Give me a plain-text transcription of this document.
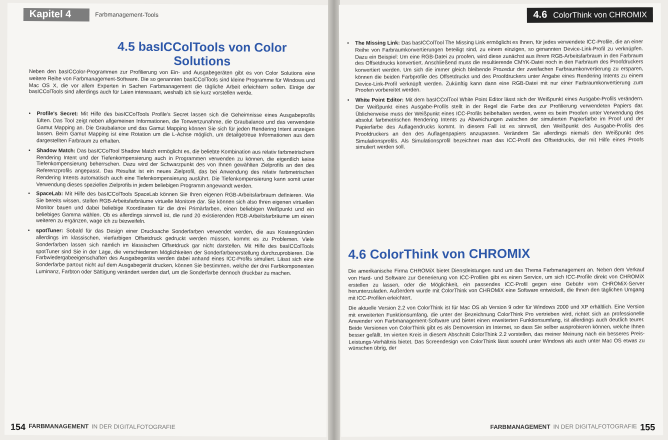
Kapitel 4	Farbmanagement-Tools
4.5 basICColTools von Color Solutions

Neben den basICColor-Programmen zur Profilierung von Ein- und Ausgabegeräten gibt es von Color Solutions eine weitere Reihe von Farbmanagement-Software. Die so genannten basICColTools sind kleine Programme für Windows und Mac OS X, die vor allem Experten in Sachen Farbmanagement die tägliche Arbeit erleichtern sollen. Einige der basICColTools sind allerdings auch für Laien interessant, weshalb ich sie kurz vorstellen werde.

• Profile's Secret: Mit Hilfe des basICColTools Profile's Secret lassen sich die Geheimnisse eines Ausgabeprofils lüften. Das Tool zeigt neben allgemeinen Informationen, die Tonwertzunahme, die Graubalance und das verwendete Gamut Mapping an. Die Graubalance und das Gamut Mapping können Sie sich für jeden Rendering Intent anzeigen lassen. Beim Gamut Mapping ist eine Rotation um die L-Achse möglich, um detailgetreue Informationen aus dem dargestellten Farbraum zu erhalten.
• Shadow Match: Das basICColTool Shadow Match ermöglicht es, die beliebte Kombination aus relativ farbmetrischem Rendering Intent und der Tiefenkompensierung auch in Programmen verwenden zu können, die eigentlich keine Tiefenkompensierung beherrschen. Dazu wird der Schwarzpunkt des von Ihnen gewählten Zielprofils an den des Referenzprofils angepasst. Das Resultat ist ein neues Zielprofil, das bei Anwendung des relativ farbmetrischen Rendering Intents automatisch auch eine Tiefenkompensierung ausführt. Die Tiefenkompensierung kann somit unter Verwendung dieses speziellen Zielprofils in jedem beliebigen Programm angewandt werden.
• SpaceLab: Mit Hilfe des basICColTools SpaceLab können Sie Ihren eigenen RGB-Arbeitsfarbraum definieren. Wie Sie bereits wissen, stellen RGB-Arbeitsfarbräume virtuelle Monitore dar. Sie können sich also Ihren eigenen virtuellen Monitor bauen und dabei beliebige Koordinaten für die drei Primärfarben, einen beliebigen Weißpunkt und ein beliebiges Gamma wählen. Ob es allerdings sinnvoll ist, die rund 20 existierenden RGB-Arbeitsfarbräume um einen weiteren zu ergänzen, wage ich zu bezweifeln.
• spotTuner: Sobald für das Design einer Drucksache Sonderfarben verwendet werden, die aus Kostengründen allerdings im klassischen, vierfarbigen Offsetdruck gedruckt werden müssen, kommt es zu Problemen. Viele Sonderfarben lassen sich nämlich im klassischen Offsetdruck gar nicht darstellen. Mit Hilfe des basICColTools spotTuner sind Sie in der Lage, die verschiedenen Möglichkeiten der Sonderfarbenerstellung durchzuprobieren. Die Farbwiedergabeeigenschaften des Ausgabegeräts werden dabei anhand eines ICC-Profils simuliert. Lässt sich eine Sonderfarbe partout nicht auf dem Ausgabegerät drucken, können Sie bestimmen, welche der drei Farbkomponenten Luminanz, Farbton oder Sättigung verändert werden darf, um die Sonderfarbe dennoch druckbar zu machen.
154 FARBMANAGEMENT IN DER DIGITALFOTOGRAFIE
4.6 ColorThink von CHROMIX
• The Missing Link: Das basICColTool The Missing Link ermöglicht es Ihnen, für jedes verwendete ICC-Profile, die an einer Reihe von Farbraumkonvertierungen beteiligt sind, zu einem einzigen, so genannten Device-Link-Profil zu verknüpfen. Dazu ein Beispiel: Um eine RGB-Datei zu proofen, wird diese zunächst aus ihrem RGB-Arbeitsfarbraum in den Farbraum des Offsetdrucks konvertiert. Anschließend muss die resultierende CMYK-Datei noch in den Farbraum des Proofdruckers konvertiert werden. Um sich die immer gleich bleibende Prozedur der zweifachen Farbraumkonvertierung zu ersparen, können die beiden Farbprofile des Offsetdrucks und des Proofdruckers unter Angabe eines Rendering Intents zu einem Device-Link-Profil verknüpft werden. Zukünftig kann dann eine RGB-Datei mit nur einer Farbraumkonvertierung zum Proofen vorbereitet werden.
• White Point Editor: Mit dem basICColTool White Point Editor lässt sich der Weißpunkt eines Ausgabe-Profils verändern. Der Weißpunkt eines Ausgabe-Profils stellt in der Regel die Farbe des zur Profilierung verwendeten Papiers dar. Üblicherweise muss der Weißpunkt eines ICC-Profils beibehalten werden, wenn es beim Proofen unter Verwendung des absolut farbmetrischen Rendering Intents zu Abweichungen zwischen der simulierten Papierfarbe im Proof und der Papierfarbe des Auflagendrucks kommt. In diesem Fall ist es sinnvoll, den Weißpunkt des Ausgabe-Profils des Proofdruckers an den des Auflagenpapiers anzupassen. Verändern Sie allerdings niemals den Weißpunkt des Simulationsprofils. Als Simulationsprofil bezeichnet man das ICC-Profil des Offsetdrucks, der mit Hilfe eines Proofs simuliert werden soll.
4.6 ColorThink von CHROMIX

Die amerikanische Firma CHROMiX bietet Dienstleistungen rund um das Thema Farbmanagement an. Neben dem Verkauf von Hard- und Software zur Generierung von ICC-Profilen gibt es einen Service, um sich ICC-Profile direkt von CHROMiX erstellen zu lassen, oder die Möglichkeit, ein passendes ICC-Profil gegen eine Gebühr vom CHROMiX-Server herunterzuladen. Außerdem wurde mit ColorThink von CHROMiX eine Software entwickelt, die Ihnen den täglichen Umgang mit ICC-Profilen erleichtert.

Die aktuelle Version 2.2 von ColorThink ist für Mac OS ab Version 9 oder für Windows 2000 und XP erhältlich. Eine Version mit erweiterten Funktionsumfang, die unter der Bezeichnung ColorThink Pro vertrieben wird, richtet sich an professionelle Anwender von Farbmanagement-Software und bietet einen erweiterten Funktionsumfang, ist allerdings auch deutlich teurer. Beide Versionen von ColorThink gibt es als Demoversion im Internet, so dass Sie selber ausprobieren können, welche Ihnen besser gefällt. Im vierten Kreis in diesem Abschnitt ColorThink 2.2 vorstellen, das meiner Meinung nach ein besseres Preis-Leistungs-Verhältnis bietet. Das Screendesign von ColorThink lässt sowohl unter Windows als auch unter Mac OS etwas zu wünschen übrig, der

FARBMANAGEMENT IN DER DIGITALFOTOGRAFIE 155
